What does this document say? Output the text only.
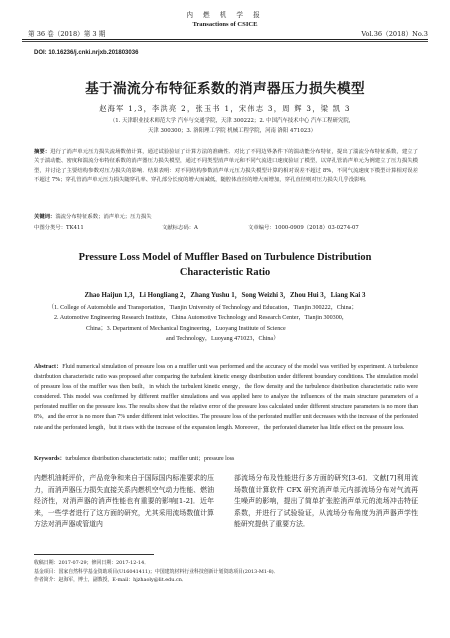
第 36 卷（2018）第 3 期
内 燃 机 学 报
Transactions of CSICE
Vol.36（2018）No.3
DOI: 10.16236/j.cnki.nrjxb.201803036
基于湍流分布特征系数的消声器压力损失模型
赵海军 1,3，李洪亮 2，张玉书 1，宋伟志 3，周 辉 3，梁 凯 3
（1. 天津职业技术师范大学 汽车与交通学院，天津 300222；2. 中国汽车技术中心 汽车工程研究院，
天津 300300；3. 洛阳理工学院 机械工程学院，河南 洛阳 471023）
摘要：进行了消声单元压力损失流场数值计算，通过试验验证了计算方法的准确性．对比了不同边界条件下的湍动能分布特征，提出了湍流分布特征系数，建立了关于湍动能、密度和湍流分布特征系数的消声器压力损失模型，通过不同类型消声单元和不同气流进口速度验证了模型，以穿孔管消声单元为例建立了压力损失模型，并讨论了主要结构参数对压力损失的影响．结果表明：对不同结构参数消声单元压力损失模型计算的相对误差不超过 8%，不同气流速度下模型计算相对误差不超过 7%；穿孔管消声单元压力损失随穿孔率、穿孔部分长度的增大而减低，随腔体直径的增大而增加，穿孔直径则对压力损失几乎没影响．
关键词：湍流分布特征系数；消声单元；压力损失
中图分类号：TK411	文献标志码：A	文章编号：1000-0909（2018）03-0274-07
Pressure Loss Model of Muffler Based on Turbulence Distribution
Characteristic Ratio
Zhao Haijun 1,3，Li Hongliang 2，Zhang Yushu 1，Song Weizhi 3，Zhou Hui 3，Liang Kai 3
（1. College of Automobile and Transportation，Tianjin University of Technology and Education，Tianjin 300222，China；
2. Automotive Engineering Research Institute，China Automotive Technology and Research Center，Tianjin 300300，
China；3. Department of Mechanical Engineering，Luoyang Institute of Science
and Technology，Luoyang 471023，China）
Abstract：Fluid numerical simulation of pressure loss on a muffler unit was performed and the accuracy of the model was verified by experiment. A turbulence distribution characteristic ratio was proposed after comparing the turbulent kinetic energy distribution under different boundary conditions. The simulation model of pressure loss of the muffler was then built，in which the turbulent kinetic energy，the flow density and the turbulence distribution characteristic ratio were considered. This model was confirmed by different muffler simulations and was applied here to analyze the influences of the main structure parameters of a perforated muffler on the pressure loss. The results show that the relative error of the pressure loss calculated under different structure parameters is no more than 8%，and the error is no more than 7% under different inlet velocities. The pressure loss of the perforated muffler unit decreases with the increase of the perforated rate and the perforated length，but it rises with the increase of the expansion length. Moreover，the perforated diameter has little effect on the pressure loss.
Keywords：turbulence distribution characteristic ratio；muffler unit；pressure loss
内燃机油耗评价，产品竞争和来自于国际国内标准要求的压力，而消声器压力损失直接关系内燃机空气动力性能、燃油经济性，对消声器的消声性能也有重要的影响[1-2]．近年来，一些学者进行了这方面的研究，尤其采用流场数值计算方法对消声器或管道内
部流场分布及性能进行多方面的研究[3-6]．文献[7]利用流场数值计算软件 CFX 研究消声单元内部流场分布对气流再生噪声的影响，提出了简单扩张腔消声单元的流场冲击特征系数，并进行了试验验证，从流场分布角度为消声器声学性能研究提供了重要方法．
收稿日期：2017-07-29；修回日期：2017-12-14．
基金项目：国家自然科学基金资助项目(U16041411)；中国建筑材料行业科技创新计划资助项目(2013-M1-8)．
作者简介：赵海军，博士，副教授，E-mail：hjzhaoly@lit.edu.cn．
